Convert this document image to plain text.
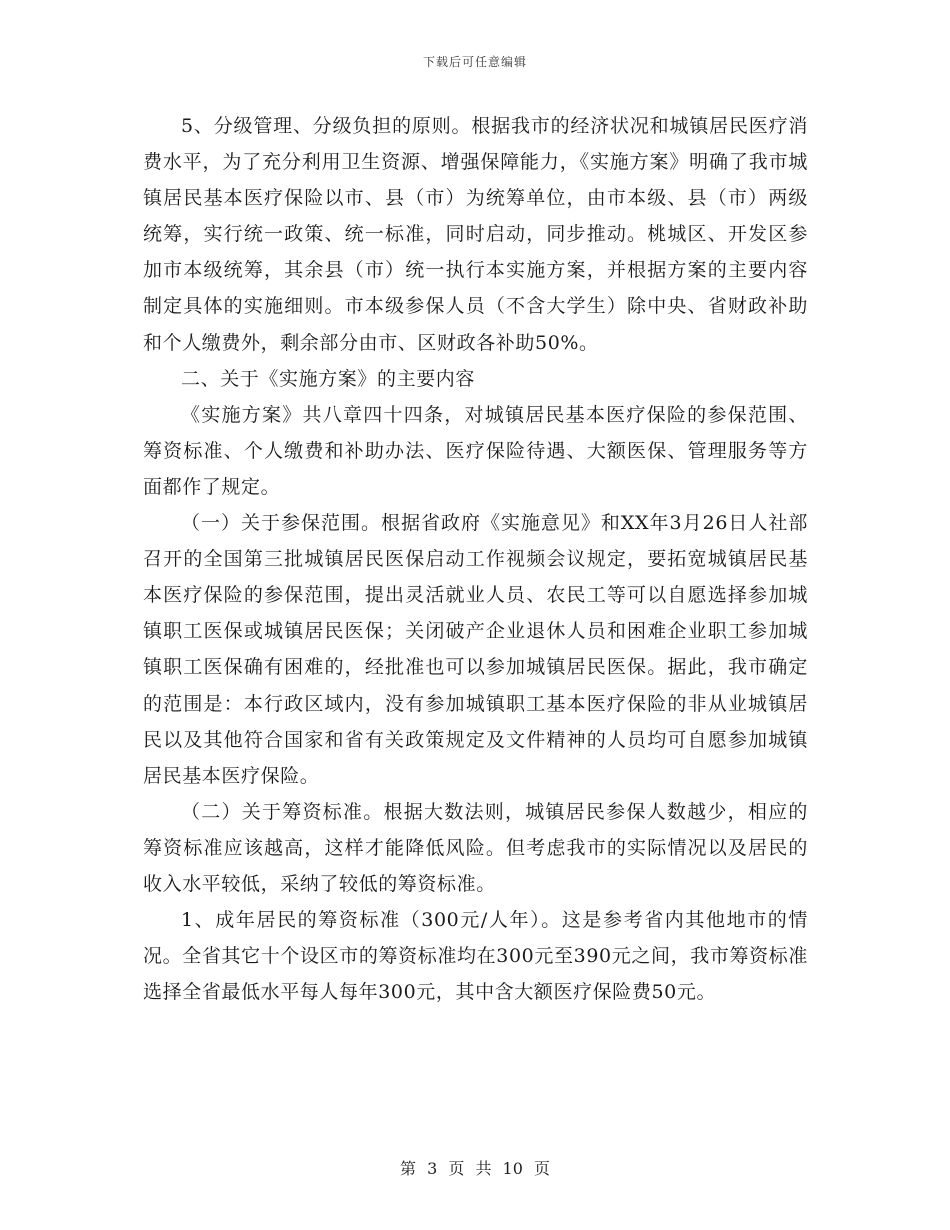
下载后可任意编辑

5、分级管理、分级负担的原则。根据我市的经济状况和城镇居民医疗消费水平，为了充分利用卫生资源、增强保障能力，《实施方案》明确了我市城镇居民基本医疗保险以市、县（市）为统筹单位，由市本级、县（市）两级统筹，实行统一政策、统一标准，同时启动，同步推动。桃城区、开发区参加市本级统筹，其余县（市）统一执行本实施方案，并根据方案的主要内容制定具体的实施细则。市本级参保人员（不含大学生）除中央、省财政补助和个人缴费外，剩余部分由市、区财政各补助50%。

二、关于《实施方案》的主要内容

《实施方案》共八章四十四条，对城镇居民基本医疗保险的参保范围、筹资标准、个人缴费和补助办法、医疗保险待遇、大额医保、管理服务等方面都作了规定。

（一）关于参保范围。根据省政府《实施意见》和XX年3月26日人社部召开的全国第三批城镇居民医保启动工作视频会议规定，要拓宽城镇居民基本医疗保险的参保范围，提出灵活就业人员、农民工等可以自愿选择参加城镇职工医保或城镇居民医保；关闭破产企业退休人员和困难企业职工参加城镇职工医保确有困难的，经批准也可以参加城镇居民医保。据此，我市确定的范围是：本行政区域内，没有参加城镇职工基本医疗保险的非从业城镇居民以及其他符合国家和省有关政策规定及文件精神的人员均可自愿参加城镇居民基本医疗保险。

（二）关于筹资标准。根据大数法则，城镇居民参保人数越少，相应的筹资标准应该越高，这样才能降低风险。但考虑我市的实际情况以及居民的收入水平较低，采纳了较低的筹资标准。

1、成年居民的筹资标准（300元/人年）。这是参考省内其他地市的情况。全省其它十个设区市的筹资标准均在300元至390元之间，我市筹资标准选择全省最低水平每人每年300元，其中含大额医疗保险费50元。

第 3 页 共 10 页
